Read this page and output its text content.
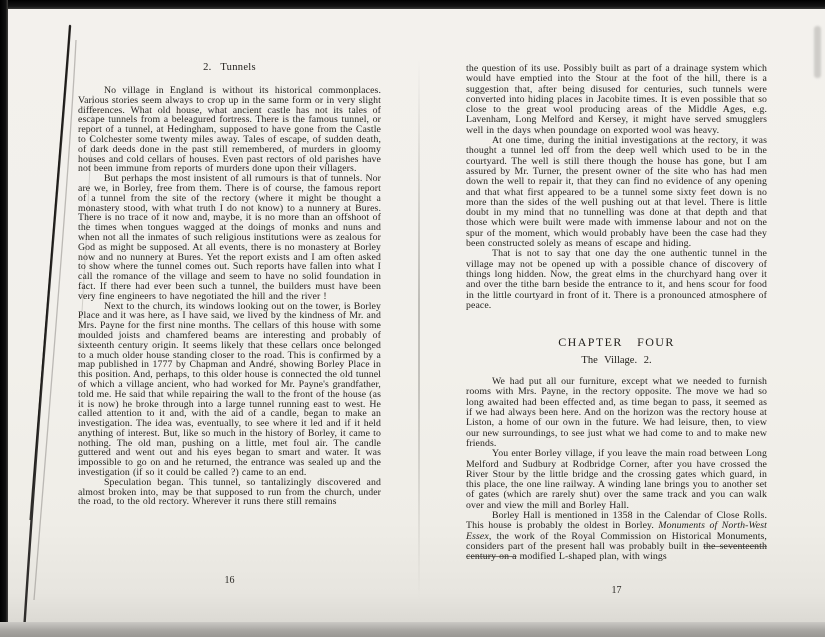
2. Tunnels

No village in England is without its historical commonplaces. Various stories seem always to crop up in the same form or in very slight differences. What old house, what ancient castle has not its tales of escape tunnels from a beleagured fortress. There is the famous tunnel, or report of a tunnel, at Hedingham, supposed to have gone from the Castle to Colchester some twenty miles away. Tales of escape, of sudden death, of dark deeds done in the past still remembered, of murders in gloomy houses and cold cellars of houses. Even past rectors of old parishes have not been immune from reports of murders done upon their villagers.

But perhaps the most insistent of all rumours is that of tunnels. Nor are we, in Borley, free from them. There is of course, the famous report of a tunnel from the site of the rectory (where it might be thought a monastery stood, with what truth I do not know) to a nunnery at Bures. There is no trace of it now and, maybe, it is no more than an offshoot of the times when tongues wagged at the doings of monks and nuns and when not all the inmates of such religious institutions were as zealous for God as might be supposed. At all events, there is no monastery at Borley now and no nunnery at Bures. Yet the report exists and I am often asked to show where the tunnel comes out. Such reports have fallen into what I call the romance of the village and seem to have no solid foundation in fact. If there had ever been such a tunnel, the builders must have been very fine engineers to have negotiated the hill and the river !

Next to the church, its windows looking out on the tower, is Borley Place and it was here, as I have said, we lived by the kindness of Mr. and Mrs. Payne for the first nine months. The cellars of this house with some moulded joists and chamfered beams are interesting and probably of sixteenth century origin. It seems likely that these cellars once belonged to a much older house standing closer to the road. This is confirmed by a map published in 1777 by Chapman and André, showing Borley Place in this position. And, perhaps, to this older house is connected the old tunnel of which a village ancient, who had worked for Mr. Payne's grandfather, told me. He said that while repairing the wall to the front of the house (as it is now) he broke through into a large tunnel running east to west. He called attention to it and, with the aid of a candle, began to make an investigation. The idea was, eventually, to see where it led and if it held anything of interest. But, like so much in the history of Borley, it came to nothing. The old man, pushing on a little, met foul air. The candle guttered and went out and his eyes began to smart and water. It was impossible to go on and he returned, the entrance was sealed up and the investigation (if so it could be called ?) came to an end.

Speculation began. This tunnel, so tantalizingly discovered and almost broken into, may be that supposed to run from the church, under the road, to the old rectory. Wherever it runs there still remains

16

the question of its use. Possibly built as part of a drainage system which would have emptied into the Stour at the foot of the hill, there is a suggestion that, after being disused for centuries, such tunnels were converted into hiding places in Jacobite times. It is even possible that so close to the great wool producing areas of the Middle Ages, e.g. Lavenham, Long Melford and Kersey, it might have served smugglers well in the days when poundage on exported wool was heavy.

At one time, during the initial investigations at the rectory, it was thought a tunnel led off from the deep well which used to be in the courtyard. The well is still there though the house has gone, but I am assured by Mr. Turner, the present owner of the site who has had men down the well to repair it, that they can find no evidence of any opening and that what first appeared to be a tunnel some sixty feet down is no more than the sides of the well pushing out at that level. There is little doubt in my mind that no tunnelling was done at that depth and that those which were built were made with immense labour and not on the spur of the moment, which would probably have been the case had they been constructed solely as means of escape and hiding.

That is not to say that one day the one authentic tunnel in the village may not be opened up with a possible chance of discovery of things long hidden. Now, the great elms in the churchyard hang over it and over the tithe barn beside the entrance to it, and hens scour for food in the little courtyard in front of it. There is a pronounced atmosphere of peace.

CHAPTER FOUR
The Village. 2.

We had put all our furniture, except what we needed to furnish rooms with Mrs. Payne, in the rectory opposite. The move we had so long awaited had been effected and, as time began to pass, it seemed as if we had always been here. And on the horizon was the rectory house at Liston, a home of our own in the future. We had leisure, then, to view our new surroundings, to see just what we had come to and to make new friends.

You enter Borley village, if you leave the main road between Long Melford and Sudbury at Rodbridge Corner, after you have crossed the River Stour by the little bridge and the crossing gates which guard, in this place, the one line railway. A winding lane brings you to another set of gates (which are rarely shut) over the same track and you can walk over and view the mill and Borley Hall.

Borley Hall is mentioned in 1358 in the Calendar of Close Rolls. This house is probably the oldest in Borley. Monuments of North-West Essex, the work of the Royal Commission on Historical Monuments, considers part of the present hall was probably built in the seventeenth century on a modified L-shaped plan, with wings

17
